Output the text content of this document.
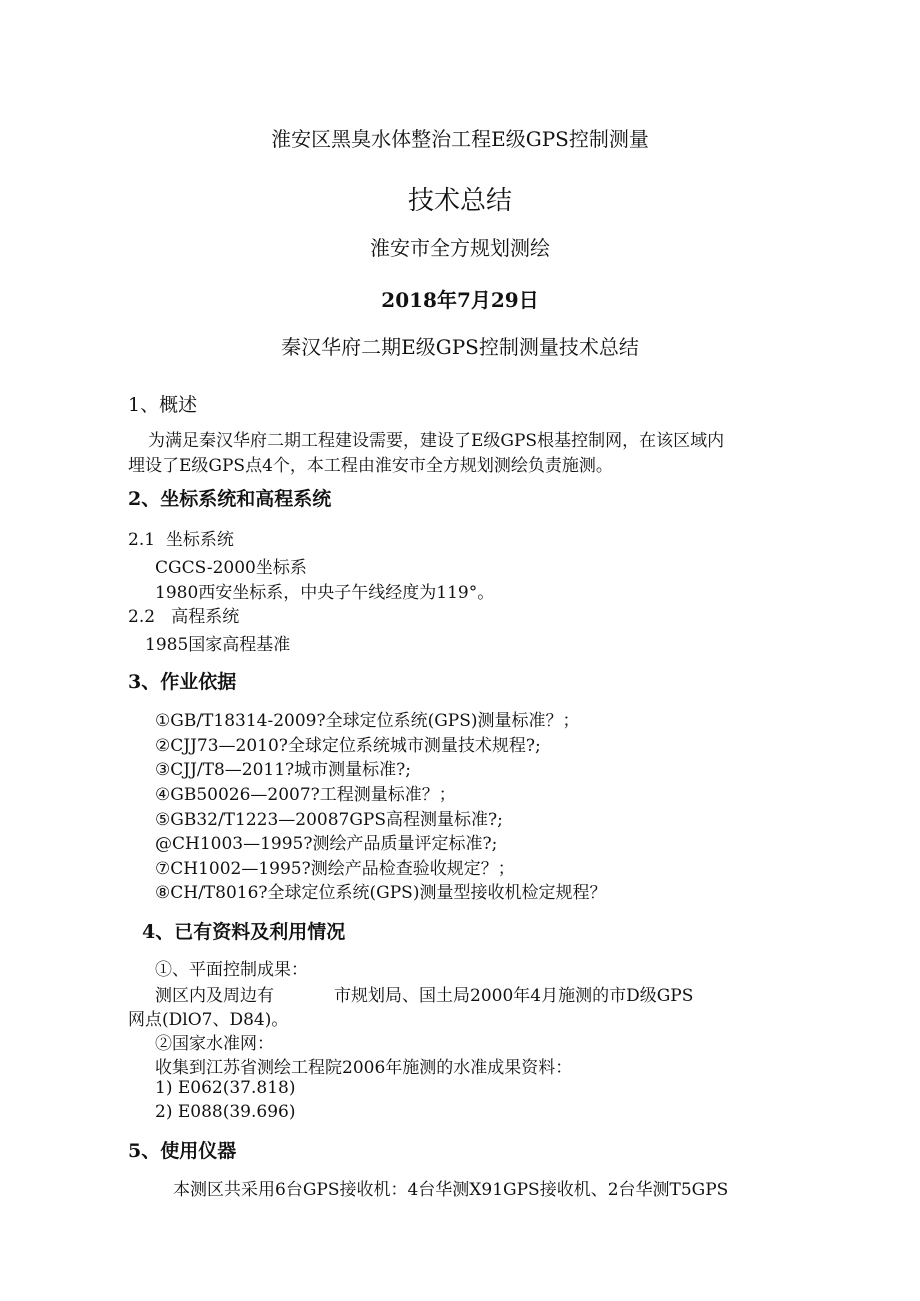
淮安区黑臭水体整治工程E级GPS控制测量
技术总结
淮安市全方规划测绘
2018年7月29日
秦汉华府二期E级GPS控制测量技术总结
1、概述
为满足秦汉华府二期工程建设需要，建设了E级GPS根基控制网，在该区域内
埋设了E级GPS点4个，本工程由淮安市全方规划测绘负责施测。
2、坐标系统和高程系统
2.1 坐标系统
CGCS-2000坐标系
1980西安坐标系，中央子午线经度为119°。
2.2 高程系统
1985国家高程基准
3、作业依据
①GB/T18314-2009?全球定位系统(GPS)测量标准？；
②CJJ73—2010?全球定位系统城市测量技术规程?;
③CJJ/T8—2011?城市测量标准?;
④GB50026—2007?工程测量标准？；
⑤GB32/T1223—20087GPS高程测量标准?;
@CH1003—1995?测绘产品质量评定标准?;
⑦CH1002—1995?测绘产品检查验收规定？；
⑧CH/T8016?全球定位系统(GPS)测量型接收机检定规程？
4、已有资料及利用情况
①、平面控制成果：
测区内及周边有	市规划局、国土局2000年4月施测的市D级GPS
网点(DlO7、D84)。
②国家水准网：
收集到江苏省测绘工程院2006年施测的水准成果资料：
1) E062(37.818)
2) E088(39.696)
5、使用仪器
本测区共采用6台GPS接收机：4台华测X91GPS接收机、2台华测T5GPS
